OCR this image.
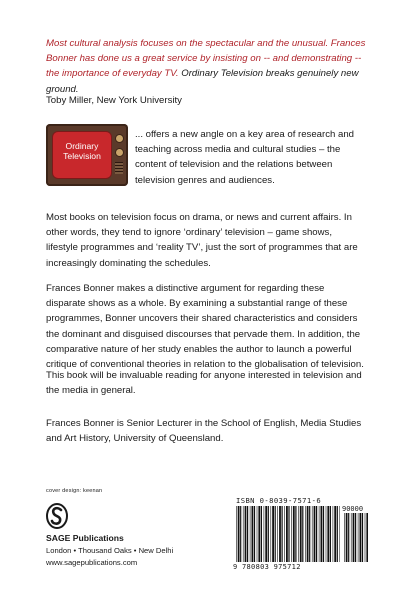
Most cultural analysis focuses on the spectacular and the unusual. Frances Bonner has done us a great service by insisting on -- and demonstrating -- the importance of everyday TV. Ordinary Television breaks genuinely new ground.
Toby Miller, New York University
Ordinary
Television
... offers a new angle on a key area of research and teaching across media and cultural studies – the content of television and the relations between television genres and audiences.
Most books on television focus on drama, or news and current affairs. In other words, they tend to ignore ‘ordinary’ television – game shows, lifestyle programmes and ‘reality TV’, just the sort of programmes that are increasingly dominating the schedules.
Frances Bonner makes a distinctive argument for regarding these disparate shows as a whole. By examining a substantial range of these programmes, Bonner uncovers their shared characteristics and considers the dominant and disguised discourses that pervade them. In addition, the comparative nature of her study enables the author to launch a powerful critique of conventional theories in relation to the globalisation of television.
This book will be invaluable reading for anyone interested in television and the media in general.
Frances Bonner is Senior Lecturer in the School of English, Media Studies and Art History, University of Queensland.
cover design: keenan
SAGE Publications
London • Thousand Oaks • New Delhi
www.sagepublications.com
ISBN 0-8039-7571-6
90000
9 780803 975712
